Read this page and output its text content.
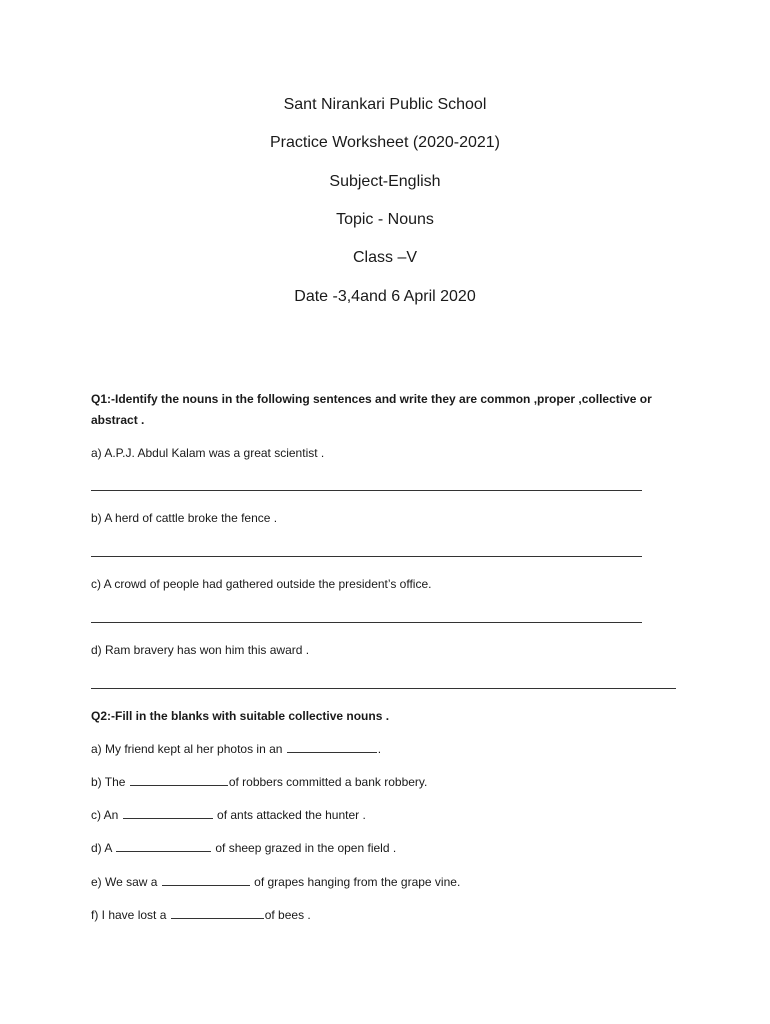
Sant Nirankari Public School
Practice Worksheet (2020-2021)
Subject-English
Topic - Nouns
Class –V
Date -3,4and 6 April 2020
Q1:-Identify the nouns in the following sentences and write they are common ,proper ,collective or abstract .
a) A.P.J. Abdul Kalam was a great scientist .
b) A herd of cattle broke the fence .
c) A crowd of people had gathered outside the president’s office.
d) Ram bravery has won him this award .
Q2:-Fill in the blanks with suitable collective nouns .
a) My friend kept al her photos in an	.
b) The	of robbers committed a bank robbery.
c) An	of ants attacked the hunter .
d) A	of sheep grazed in the open field .
e) We saw a	of grapes hanging from the grape vine.
f) I have lost a	of bees .
